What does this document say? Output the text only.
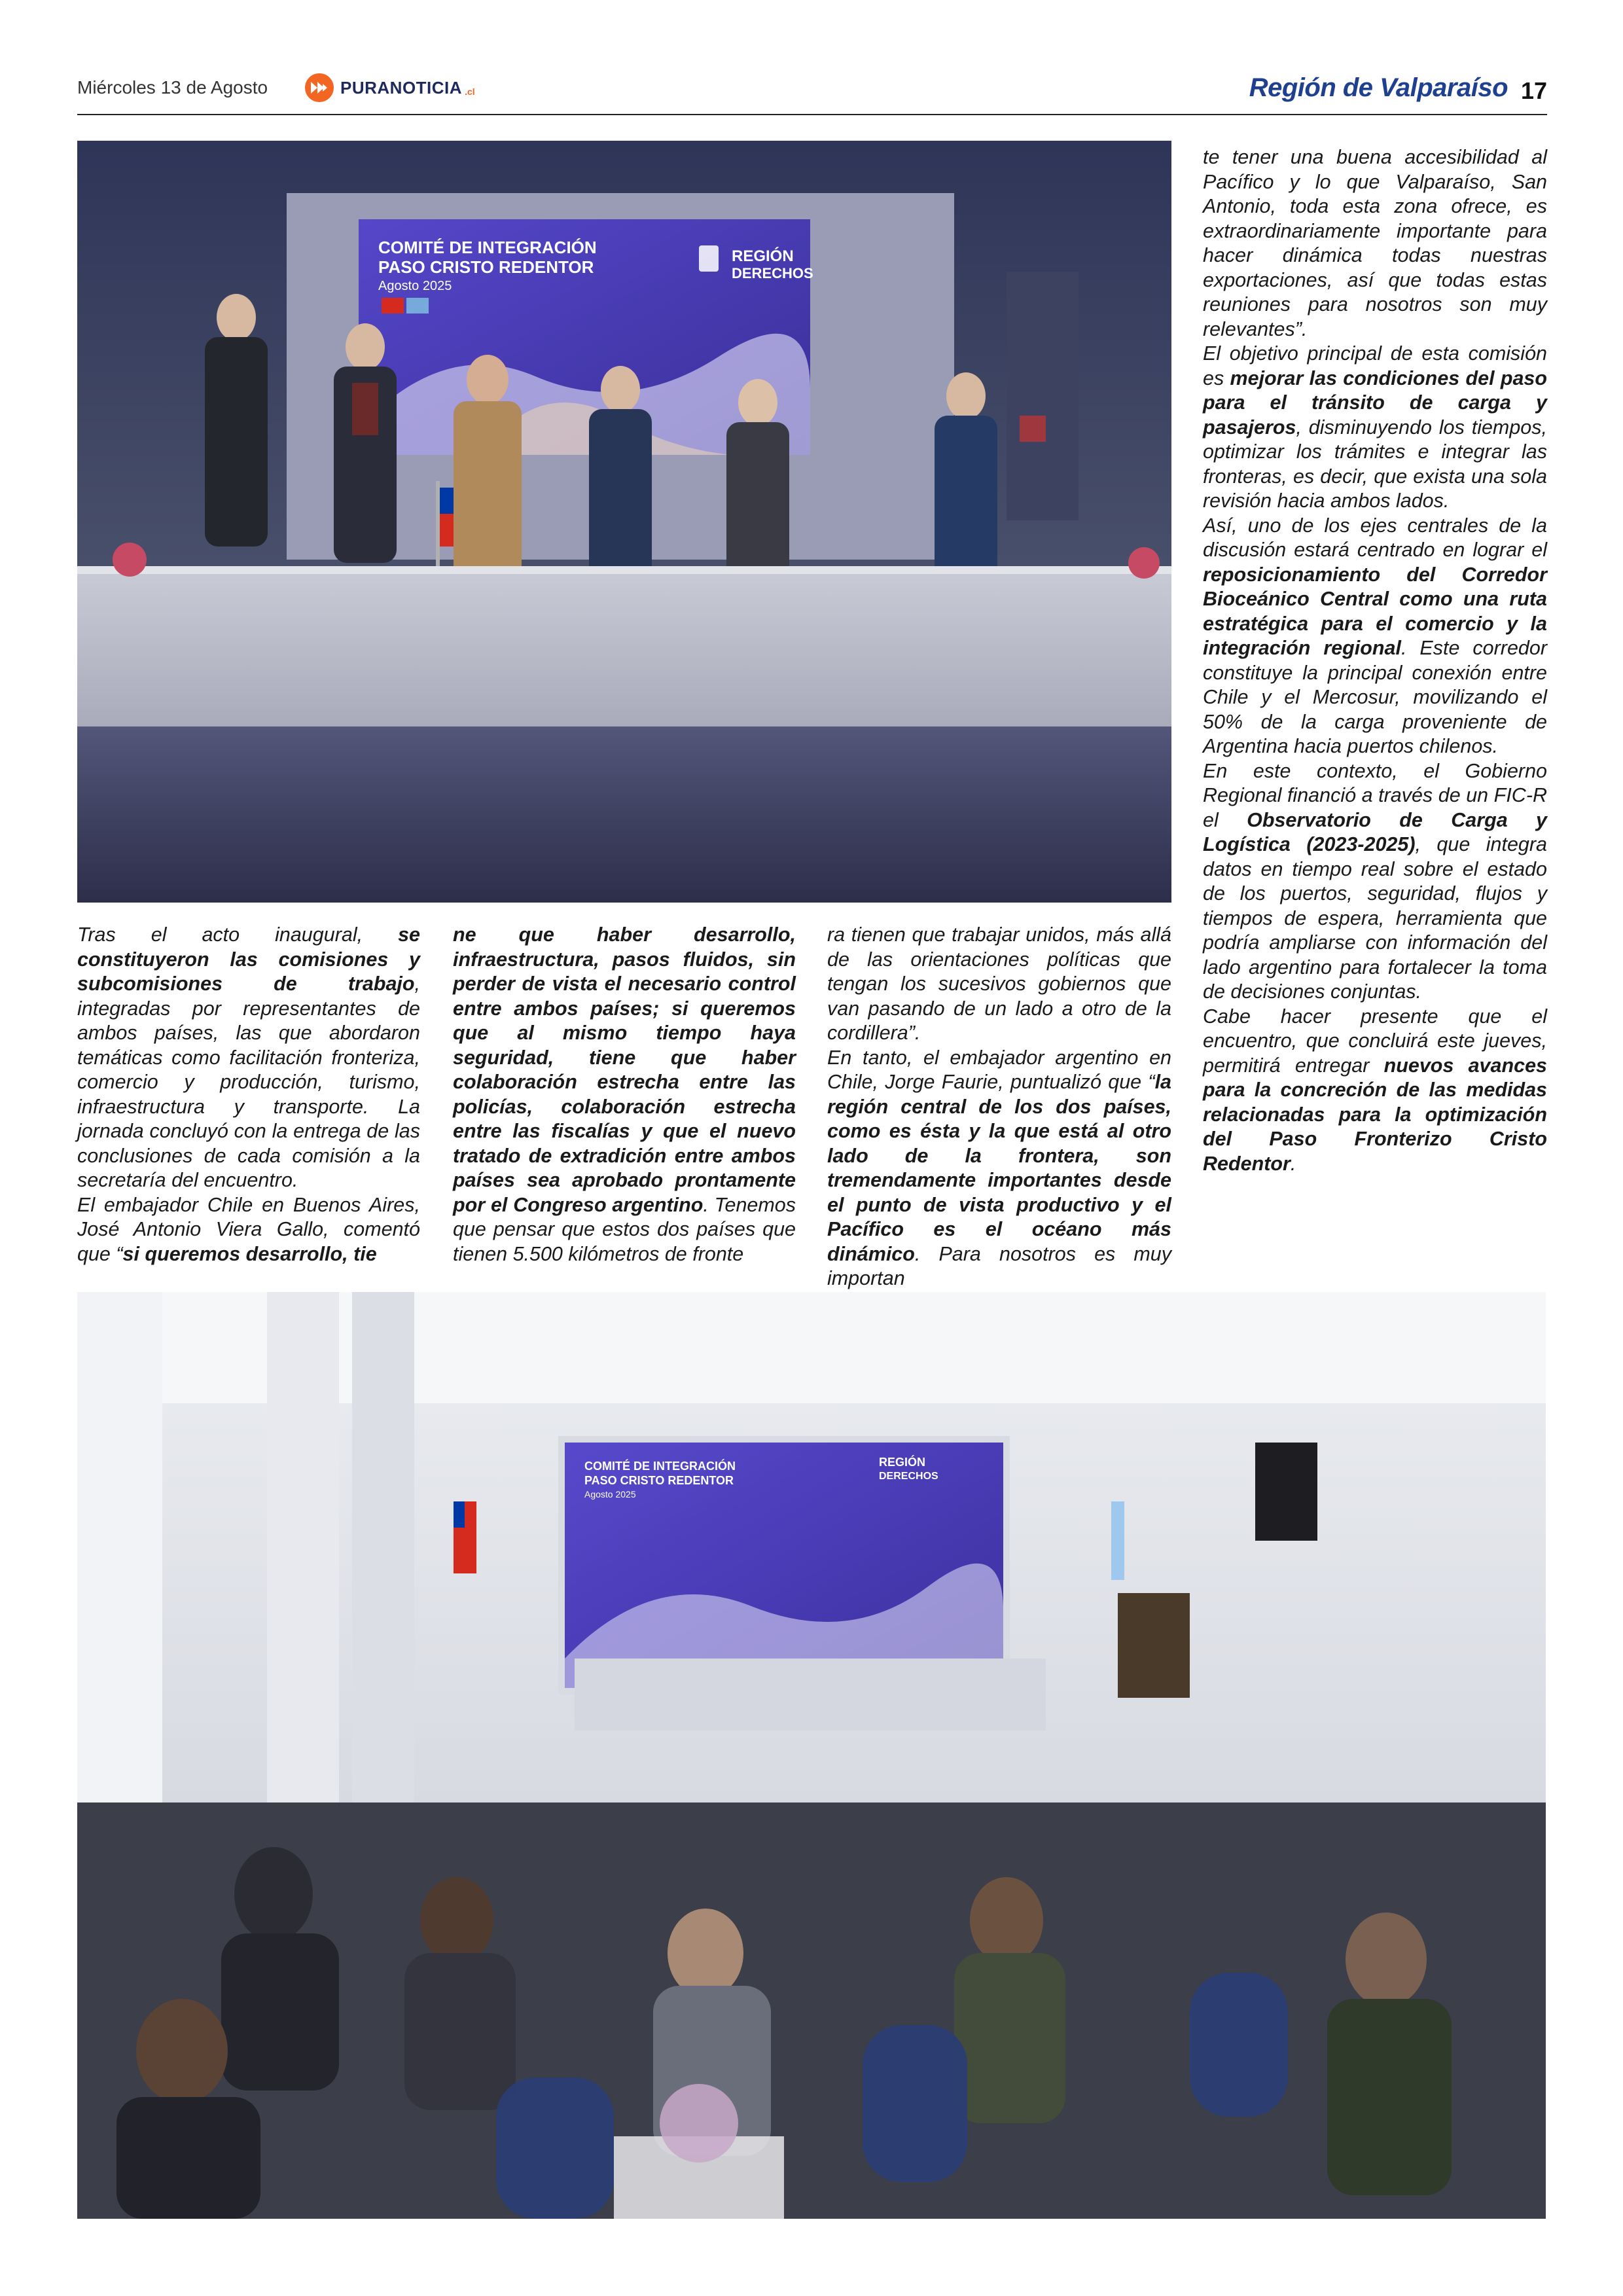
Miércoles 13 de Agosto	PURANOTICIA .cl	Región de Valparaíso 17
COMITÉ DE INTEGRACIÓN
PASO CRISTO REDENTOR
Agosto 2025
REGIÓN
DERECHOS

Tras el acto inaugural, se constituyeron las comisiones y subcomisiones de trabajo, integradas por representantes de ambos países, las que abordaron temáticas como facilitación fronteriza, comercio y producción, turismo, infraestructura y transporte. La jornada concluyó con la entrega de las conclusiones de cada comisión a la secretaría del encuentro.

El embajador Chile en Buenos Aires, José Antonio Viera Gallo, comentó que “si queremos desarrollo, tie

ne que haber desarrollo, infraestructura, pasos fluidos, sin perder de vista el necesario control entre ambos países; si queremos que al mismo tiempo haya seguridad, tiene que haber colaboración estrecha entre las policías, colaboración estrecha entre las fiscalías y que el nuevo tratado de extradición entre ambos países sea aprobado prontamente por el Congreso argentino. Tenemos que pensar que estos dos países que tienen 5.500 kilómetros de fronte

ra tienen que trabajar unidos, más allá de las orientaciones políticas que tengan los sucesivos gobiernos que van pasando de un lado a otro de la cordillera”.

En tanto, el embajador argentino en Chile, Jorge Faurie, puntualizó que “la región central de los dos países, como es ésta y la que está al otro lado de la frontera, son tremendamente importantes desde el punto de vista productivo y el Pacífico es el océano más dinámico. Para nosotros es muy importan

te tener una buena accesibilidad al Pacífico y lo que Valparaíso, San Antonio, toda esta zona ofrece, es extraordinariamente importante para hacer dinámica todas nuestras exportaciones, así que todas estas reuniones para nosotros son muy relevantes”.

El objetivo principal de esta comisión es mejorar las condiciones del paso para el tránsito de carga y pasajeros, disminuyendo los tiempos, optimizar los trámites e integrar las fronteras, es decir, que exista una sola revisión hacia ambos lados.

Así, uno de los ejes centrales de la discusión estará centrado en lograr el reposicionamiento del Corredor Bioceánico Central como una ruta estratégica para el comercio y la integración regional. Este corredor constituye la principal conexión entre Chile y el Mercosur, movilizando el 50% de la carga proveniente de Argentina hacia puertos chilenos.

En este contexto, el Gobierno Regional financió a través de un FIC-R el Observatorio de Carga y Logística (2023-2025), que integra datos en tiempo real sobre el estado de los puertos, seguridad, flujos y tiempos de espera, herramienta que podría ampliarse con información del lado argentino para fortalecer la toma de decisiones conjuntas.

Cabe hacer presente que el encuentro, que concluirá este jueves, permitirá entregar nuevos avances para la concreción de las medidas relacionadas para la optimización del Paso Fronterizo Cristo Redentor.

COMITÉ DE INTEGRACIÓN
PASO CRISTO REDENTOR
Agosto 2025
REGIÓN
DERECHOS
